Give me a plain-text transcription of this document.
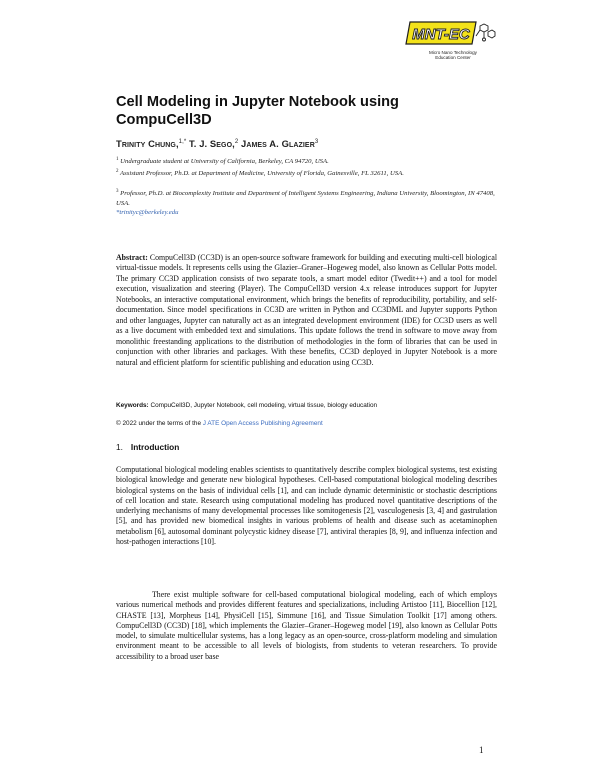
MNT-EC
Micro Nano Technology
Education Center
Cell Modeling in Jupyter Notebook using
CompuCell3D
Trinity Chung,$^{1,*}$ T. J. Sego,$^2$ James A. Glazier$^3$
$^1$ Undergraduate student at University of California, Berkeley, CA 94720, USA.
$^2$ Assistant Professor, Ph.D. at Department of Medicine, University of Florida, Gainesville, FL 32611, USA.
$^3$ Professor, Ph.D. at Biocomplexity Institute and Department of Intelligent Systems Engineering, Indiana University, Bloomington, IN 47408, USA.
*trinityc@berkeley.edu
Abstract: CompuCell3D (CC3D) is an open-source software framework for building and executing multi-cell biological virtual-tissue models. It represents cells using the Glazier–Graner–Hogeweg model, also known as Cellular Potts model. The primary CC3D application consists of two separate tools, a smart model editor (Twedit++) and a tool for model execution, visualization and steering (Player). The CompuCell3D version 4.x release introduces support for Jupyter Notebooks, an interactive computational environment, which brings the benefits of reproducibility, portability, and self-documentation. Since model specifications in CC3D are written in Python and CC3DML and Jupyter supports Python and other languages, Jupyter can naturally act as an integrated development environment (IDE) for CC3D users as well as a live document with embedded text and simulations. This update follows the trend in software to move away from monolithic freestanding applications to the distribution of methodologies in the form of libraries that can be used in conjunction with other libraries and packages. With these benefits, CC3D deployed in Jupyter Notebook is a more natural and efficient platform for scientific publishing and education using CC3D.
Keywords: CompuCell3D, Jupyter Notebook, cell modeling, virtual tissue, biology education
© 2022 under the terms of the J ATE Open Access Publishing Agreement
1. Introduction
Computational biological modeling enables scientists to quantitatively describe complex biological systems, test existing biological knowledge and generate new biological hypotheses. Cell-based computational biological modeling describes biological systems on the basis of individual cells [1], and can include dynamic deterministic or stochastic descriptions of cell location and state. Research using computational modeling has produced novel quantitative descriptions of the underlying mechanisms of many developmental processes like somitogenesis [2], vasculogenesis [3, 4] and gastrulation [5], and has provided new biomedical insights in various problems of health and disease such as acetaminophen metabolism [6], autosomal dominant polycystic kidney disease [7], antiviral therapies [8, 9], and influenza infection and host-pathogen interactions [10].
There exist multiple software for cell-based computational biological modeling, each of which employs various numerical methods and provides different features and specializations, including Artistoo [11], Biocellion [12], CHASTE [13], Morpheus [14], PhysiCell [15], Simmune [16], and Tissue Simulation Toolkit [17] among others. CompuCell3D (CC3D) [18], which implements the Glazier–Graner–Hogeweg model [19], also known as Cellular Potts model, to simulate multicellular systems, has a long legacy as an open-source, cross-platform modeling and simulation environment meant to be accessible to all levels of biologists, from students to veteran researchers. To provide accessibility to a broad user base
1
